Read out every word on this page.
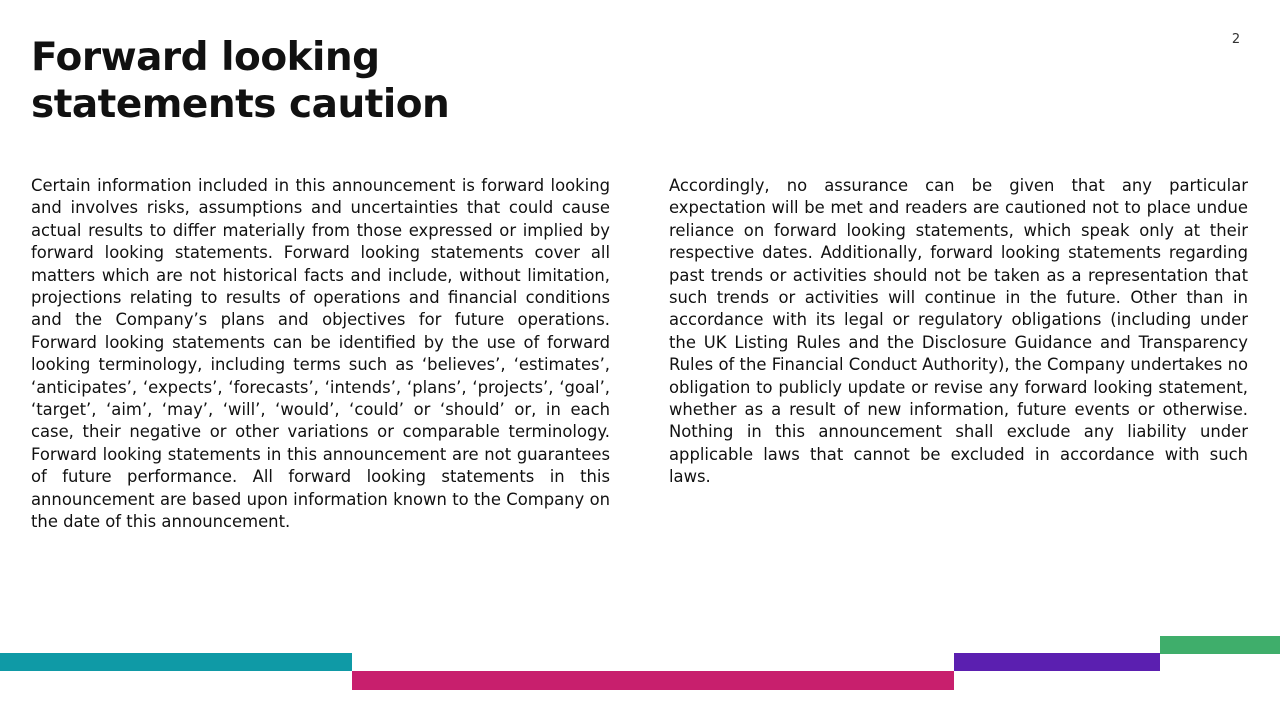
2
Forward looking statements caution

Certain information included in this announcement is forward looking and involves risks, assumptions and uncertainties that could cause actual results to differ materially from those expressed or implied by forward looking statements. Forward looking statements cover all matters which are not historical facts and include, without limitation, projections relating to results of operations and financial conditions and the Company’s plans and objectives for future operations. Forward looking statements can be identified by the use of forward looking terminology, including terms such as ‘believes’, ‘estimates’, ‘anticipates’, ‘expects’, ‘forecasts’, ‘intends’, ‘plans’, ‘projects’, ‘goal’, ‘target’, ‘aim’, ‘may’, ‘will’, ‘would’, ‘could’ or ‘should’ or, in each case, their negative or other variations or comparable terminology. Forward looking statements in this announcement are not guarantees of future performance. All forward looking statements in this announcement are based upon information known to the Company on the date of this announcement.

Accordingly, no assurance can be given that any particular expectation will be met and readers are cautioned not to place undue reliance on forward looking statements, which speak only at their respective dates. Additionally, forward looking statements regarding past trends or activities should not be taken as a representation that such trends or activities will continue in the future. Other than in accordance with its legal or regulatory obligations (including under the UK Listing Rules and the Disclosure Guidance and Transparency Rules of the Financial Conduct Authority), the Company undertakes no obligation to publicly update or revise any forward looking statement, whether as a result of new information, future events or otherwise. Nothing in this announcement shall exclude any liability under applicable laws that cannot be excluded in accordance with such laws.
